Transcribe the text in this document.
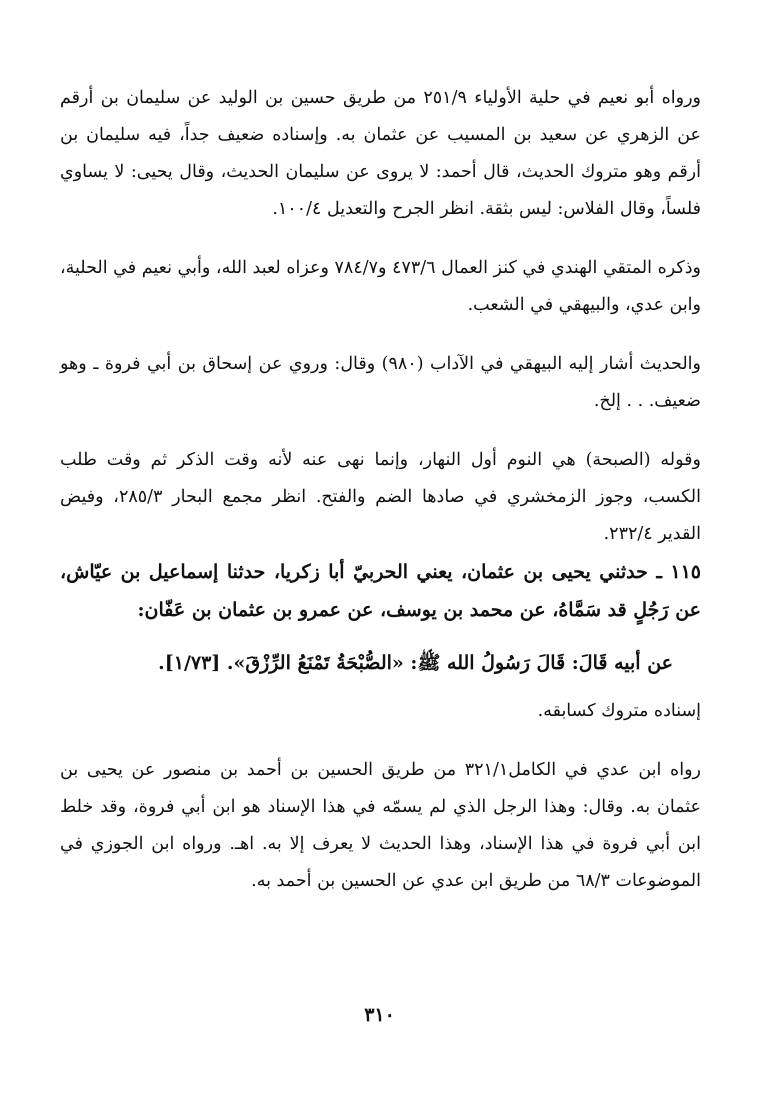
ورواه أبو نعيم في حلية الأولياء ٢٥١/٩ من طريق حسين بن الوليد عن سليمان بن أرقم عن الزهري عن سعيد بن المسيب عن عثمان به. وإسناده ضعيف جداً، فيه سليمان بن أرقم وهو متروك الحديث، قال أحمد: لا يروى عن سليمان الحديث، وقال يحيى: لا يساوي فلساً، وقال الفلاس: ليس بثقة. انظر الجرح والتعديل ١٠٠/٤.

وذكره المتقي الهندي في كنز العمال ٤٧٣/٦ و٧٨٤/٧ وعزاه لعبد الله، وأبي نعيم في الحلية، وابن عدي، والبيهقي في الشعب.

والحديث أشار إليه البيهقي في الآداب (٩٨٠) وقال: وروي عن إسحاق بن أبي فروة ـ وهو ضعيف. . . إلخ.

وقوله (الصبحة) هي النوم أول النهار، وإنما نهى عنه لأنه وقت الذكر ثم وقت طلب الكسب، وجوز الزمخشري في صادها الضم والفتح. انظر مجمع البحار ٢٨٥/٣، وفيض القدير ٢٣٢/٤.

١١٥ ـ حدثني يحيى بن عثمان، يعني الحربيّ أبا زكريا، حدثنا إسماعيل بن عيّاش، عن رَجُلٍ قد سَمَّاهُ، عن محمد بن يوسف، عن عمرو بن عثمان بن عَفّان:

عن أبيه قَالَ: قَالَ رَسُولُ الله ﷺ: «الصُّبْحَةُ تَمْنَعُ الرِّزْقَ». [١/٧٣].

إسناده متروك كسابقه.

رواه ابن عدي في الكامل٣٢١/١ من طريق الحسين بن أحمد بن منصور عن يحيى بن عثمان به. وقال: وهذا الرجل الذي لم يسمّه في هذا الإسناد هو ابن أبي فروة، وقد خلط ابن أبي فروة في هذا الإسناد، وهذا الحديث لا يعرف إلا به. اهـ. ورواه ابن الجوزي في الموضوعات ٦٨/٣ من طريق ابن عدي عن الحسين بن أحمد به.

٣١٠
